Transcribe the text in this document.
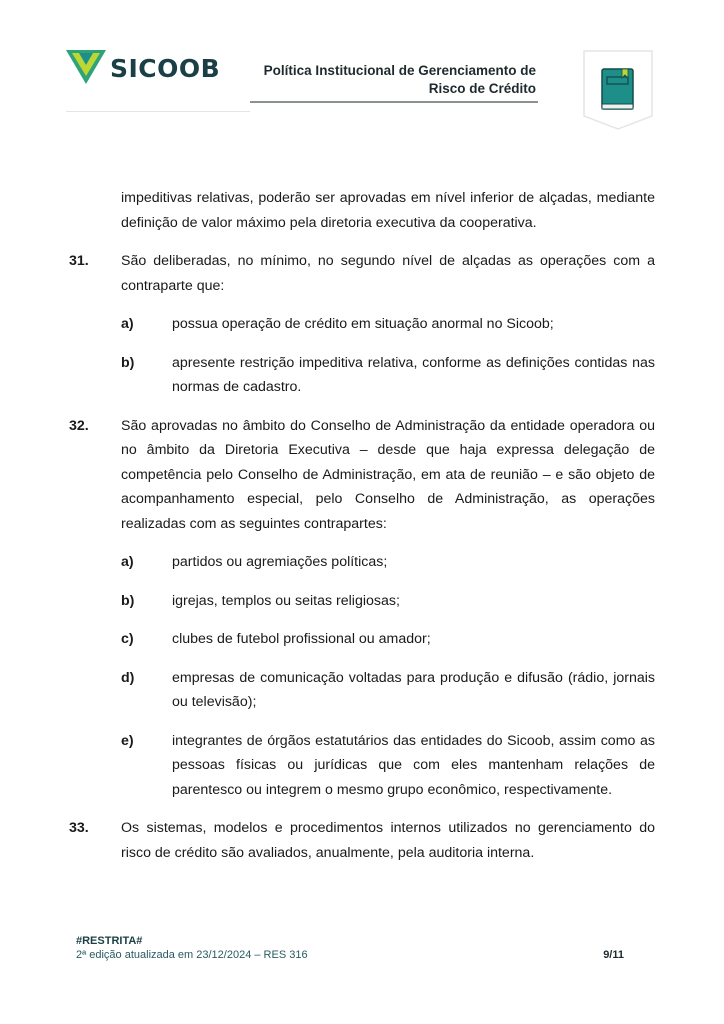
SICOOB	Política Institucional de Gerenciamento de
Risco de Crédito
impeditivas relativas, poderão ser aprovadas em nível inferior de alçadas, mediante definição de valor máximo pela diretoria executiva da cooperativa.
31. São deliberadas, no mínimo, no segundo nível de alçadas as operações com a contraparte que:
a)	possua operação de crédito em situação anormal no Sicoob;
b)	apresente restrição impeditiva relativa, conforme as definições contidas nas normas de cadastro.
32. São aprovadas no âmbito do Conselho de Administração da entidade operadora ou no âmbito da Diretoria Executiva – desde que haja expressa delegação de competência pelo Conselho de Administração, em ata de reunião – e são objeto de acompanhamento especial, pelo Conselho de Administração, as operações realizadas com as seguintes contrapartes:
a)	partidos ou agremiações políticas;
b)	igrejas, templos ou seitas religiosas;
c)	clubes de futebol profissional ou amador;
d)	empresas de comunicação voltadas para produção e difusão (rádio, jornais ou televisão);
e)	integrantes de órgãos estatutários das entidades do Sicoob, assim como as pessoas físicas ou jurídicas que com eles mantenham relações de parentesco ou integrem o mesmo grupo econômico, respectivamente.
33. Os sistemas, modelos e procedimentos internos utilizados no gerenciamento do risco de crédito são avaliados, anualmente, pela auditoria interna.
#RESTRITA#
2ª edição atualizada em 23/12/2024 – RES 316	9/11
